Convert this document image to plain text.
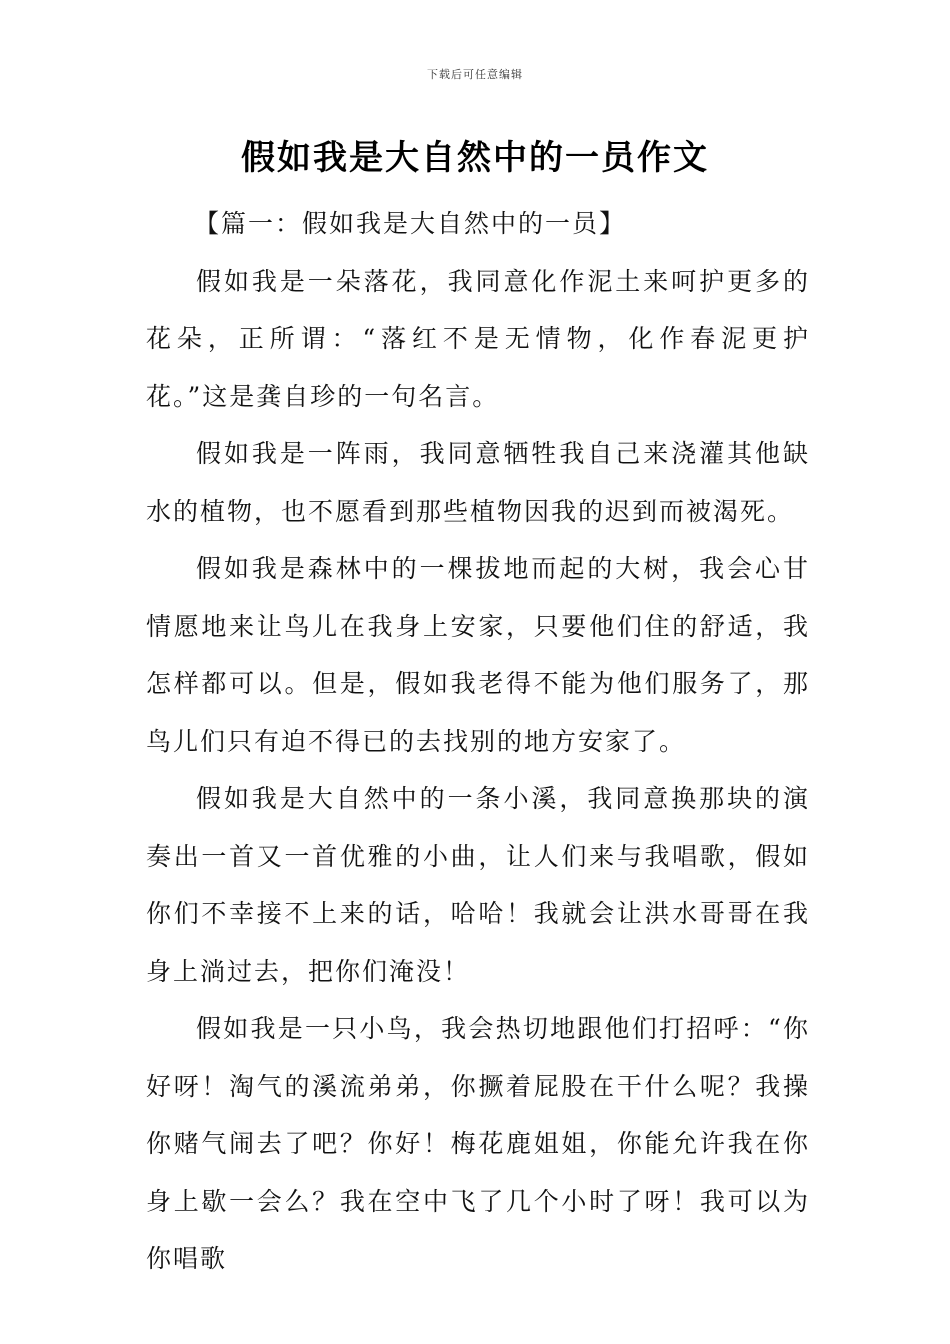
下载后可任意编辑
假如我是大自然中的一员作文
【篇一：假如我是大自然中的一员】

假如我是一朵落花，我同意化作泥土来呵护更多的花朵，正所谓：“落红不是无情物，化作春泥更护花。”这是龚自珍的一句名言。

假如我是一阵雨，我同意牺牲我自己来浇灌其他缺水的植物，也不愿看到那些植物因我的迟到而被渴死。

假如我是森林中的一棵拔地而起的大树，我会心甘情愿地来让鸟儿在我身上安家，只要他们住的舒适，我怎样都可以。但是，假如我老得不能为他们服务了，那鸟儿们只有迫不得已的去找别的地方安家了。

假如我是大自然中的一条小溪，我同意换那块的演奏出一首又一首优雅的小曲，让人们来与我唱歌，假如你们不幸接不上来的话，哈哈！我就会让洪水哥哥在我身上淌过去，把你们淹没！

假如我是一只小鸟，我会热切地跟他们打招呼：“你好呀！淘气的溪流弟弟，你撅着屁股在干什么呢？我操你赌气闹去了吧？你好！梅花鹿姐姐，你能允许我在你身上歇一会么？我在空中飞了几个小时了呀！我可以为你唱歌
